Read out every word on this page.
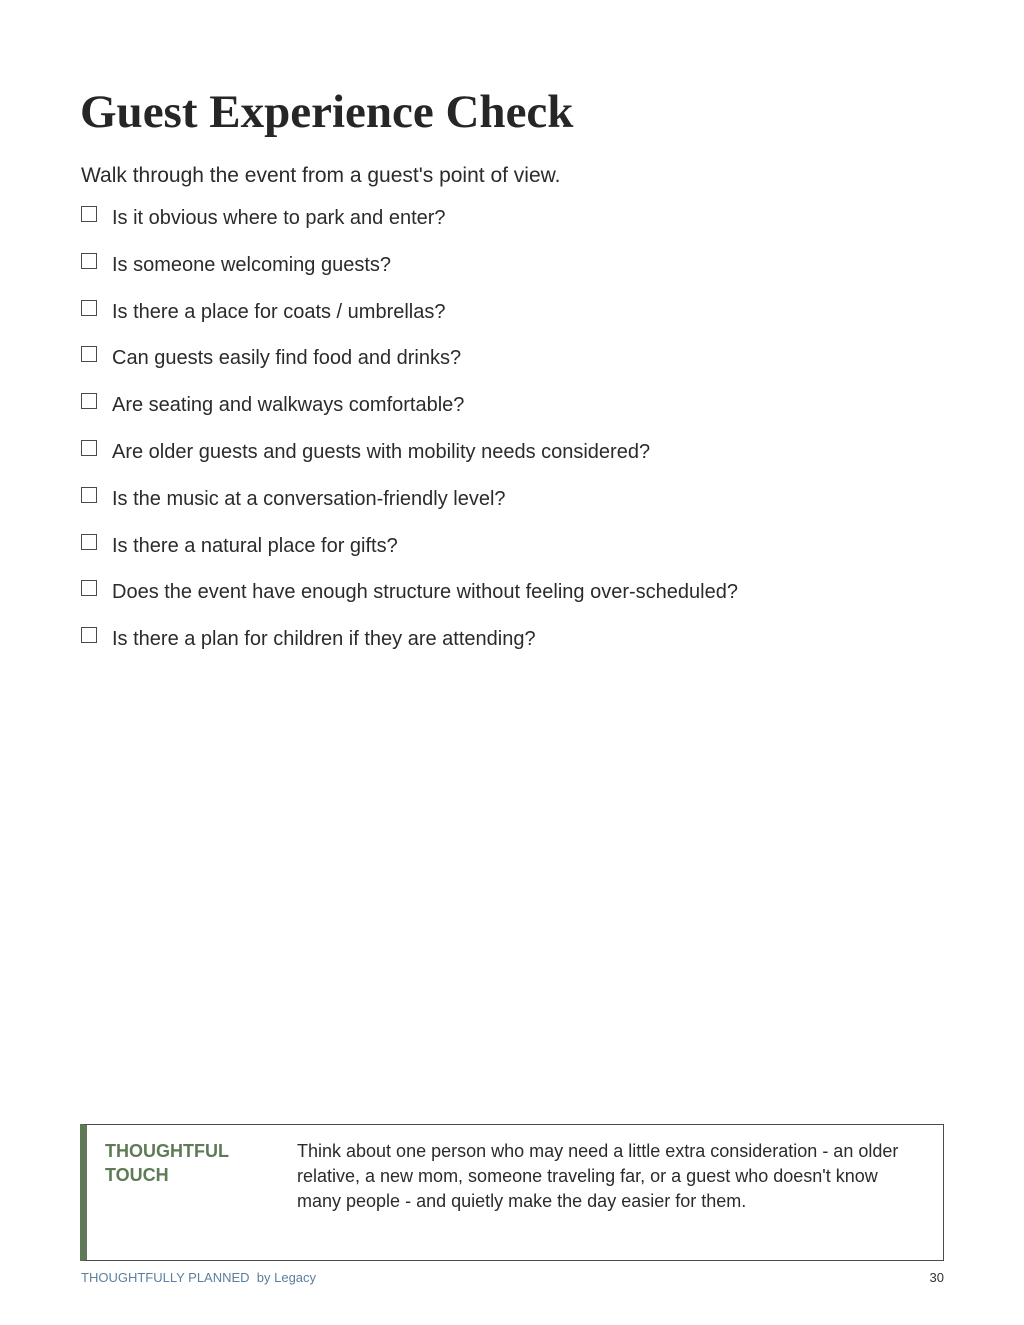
Guest Experience Check
Walk through the event from a guest's point of view.
Is it obvious where to park and enter?
Is someone welcoming guests?
Is there a place for coats / umbrellas?
Can guests easily find food and drinks?
Are seating and walkways comfortable?
Are older guests and guests with mobility needs considered?
Is the music at a conversation-friendly level?
Is there a natural place for gifts?
Does the event have enough structure without feeling over-scheduled?
Is there a plan for children if they are attending?
THOUGHTFUL
TOUCH
Think about one person who may need a little extra consideration - an older relative, a new mom, someone traveling far, or a guest who doesn't know many people - and quietly make the day easier for them.
THOUGHTFULLY PLANNED  by Legacy	30
